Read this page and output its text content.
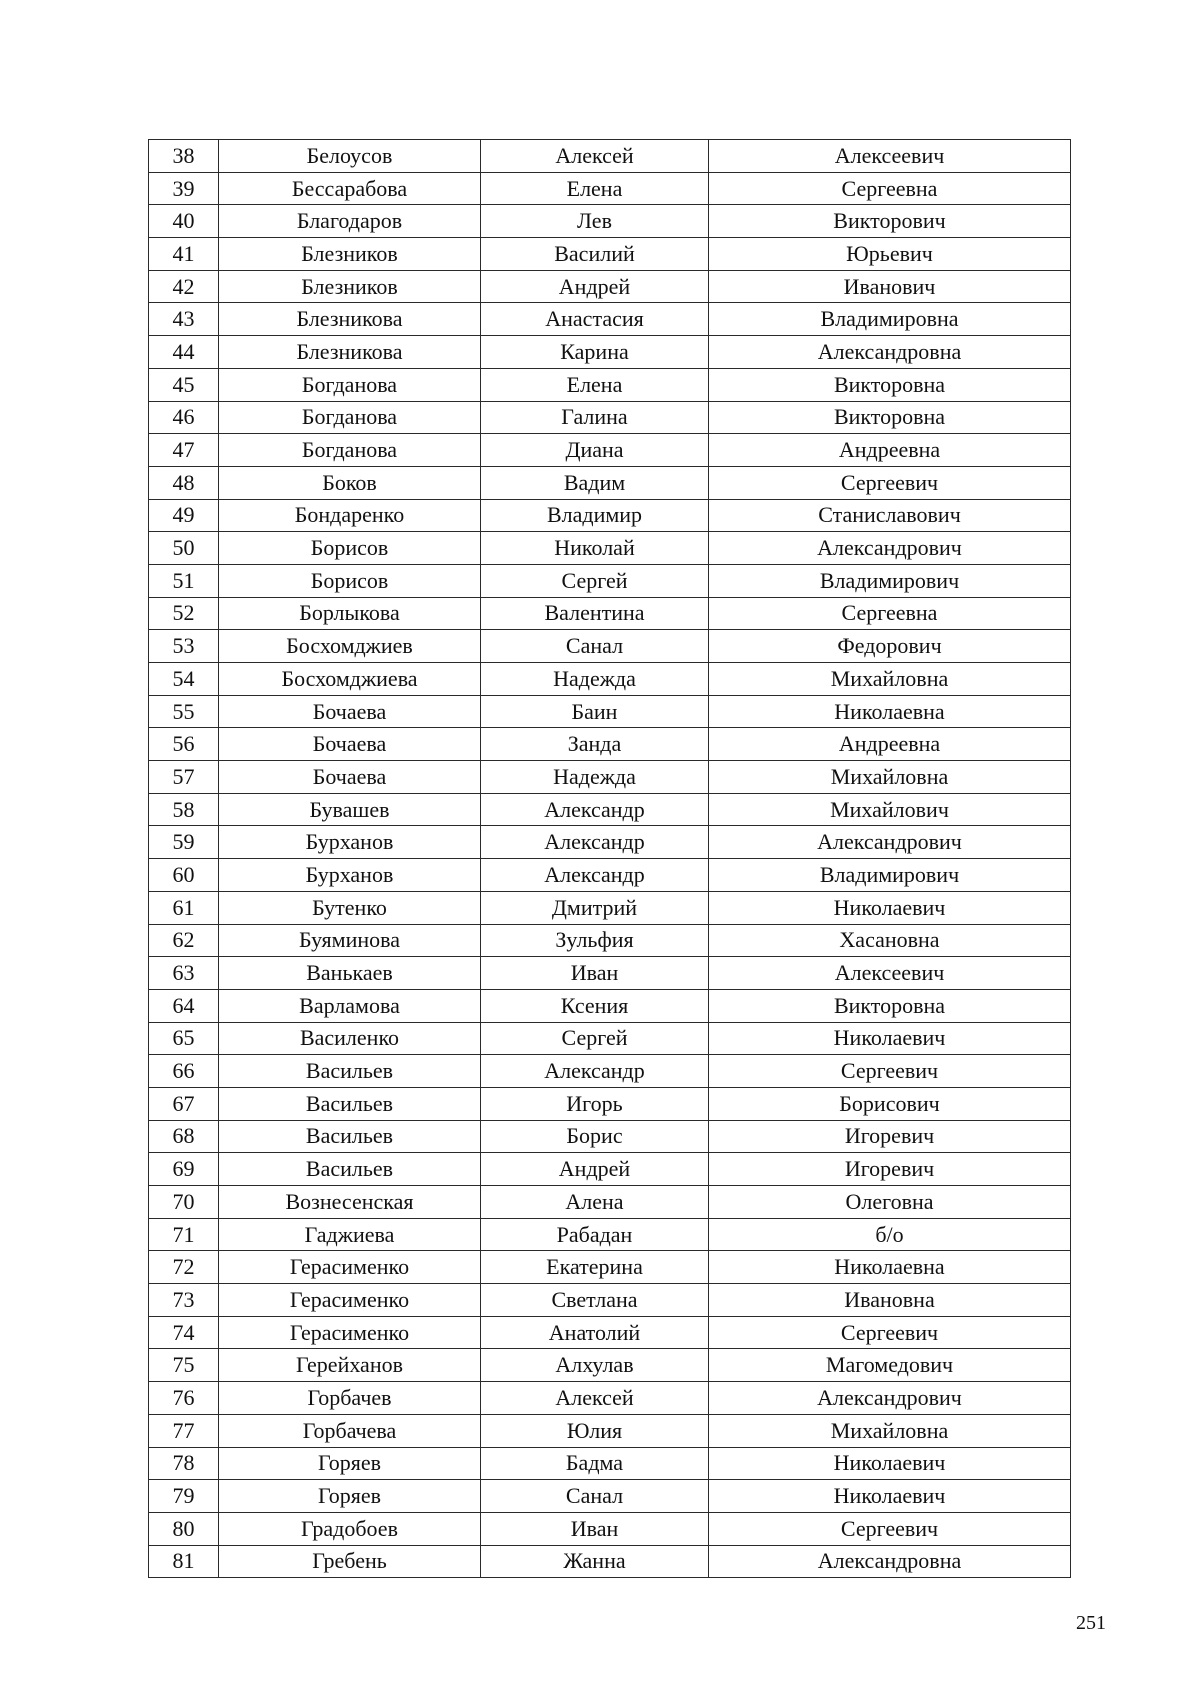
38	Белоусов	Алексей	Алексеевич
39	Бессарабова	Елена	Сергеевна
40	Благодаров	Лев	Викторович
41	Блезников	Василий	Юрьевич
42	Блезников	Андрей	Иванович
43	Блезникова	Анастасия	Владимировна
44	Блезникова	Карина	Александровна
45	Богданова	Елена	Викторовна
46	Богданова	Галина	Викторовна
47	Богданова	Диана	Андреевна
48	Боков	Вадим	Сергеевич
49	Бондаренко	Владимир	Станиславович
50	Борисов	Николай	Александрович
51	Борисов	Сергей	Владимирович
52	Борлыкова	Валентина	Сергеевна
53	Босхомджиев	Санал	Федорович
54	Босхомджиева	Надежда	Михайловна
55	Бочаева	Баин	Николаевна
56	Бочаева	Занда	Андреевна
57	Бочаева	Надежда	Михайловна
58	Бувашев	Александр	Михайлович
59	Бурханов	Александр	Александрович
60	Бурханов	Александр	Владимирович
61	Бутенко	Дмитрий	Николаевич
62	Буяминова	Зульфия	Хасановна
63	Ванькаев	Иван	Алексеевич
64	Варламова	Ксения	Викторовна
65	Василенко	Сергей	Николаевич
66	Васильев	Александр	Сергеевич
67	Васильев	Игорь	Борисович
68	Васильев	Борис	Игоревич
69	Васильев	Андрей	Игоревич
70	Вознесенская	Алена	Олеговна
71	Гаджиева	Рабадан	б/о
72	Герасименко	Екатерина	Николаевна
73	Герасименко	Светлана	Ивановна
74	Герасименко	Анатолий	Сергеевич
75	Герейханов	Алхулав	Магомедович
76	Горбачев	Алексей	Александрович
77	Горбачева	Юлия	Михайловна
78	Горяев	Бадма	Николаевич
79	Горяев	Санал	Николаевич
80	Градобоев	Иван	Сергеевич
81	Гребень	Жанна	Александровна
251
